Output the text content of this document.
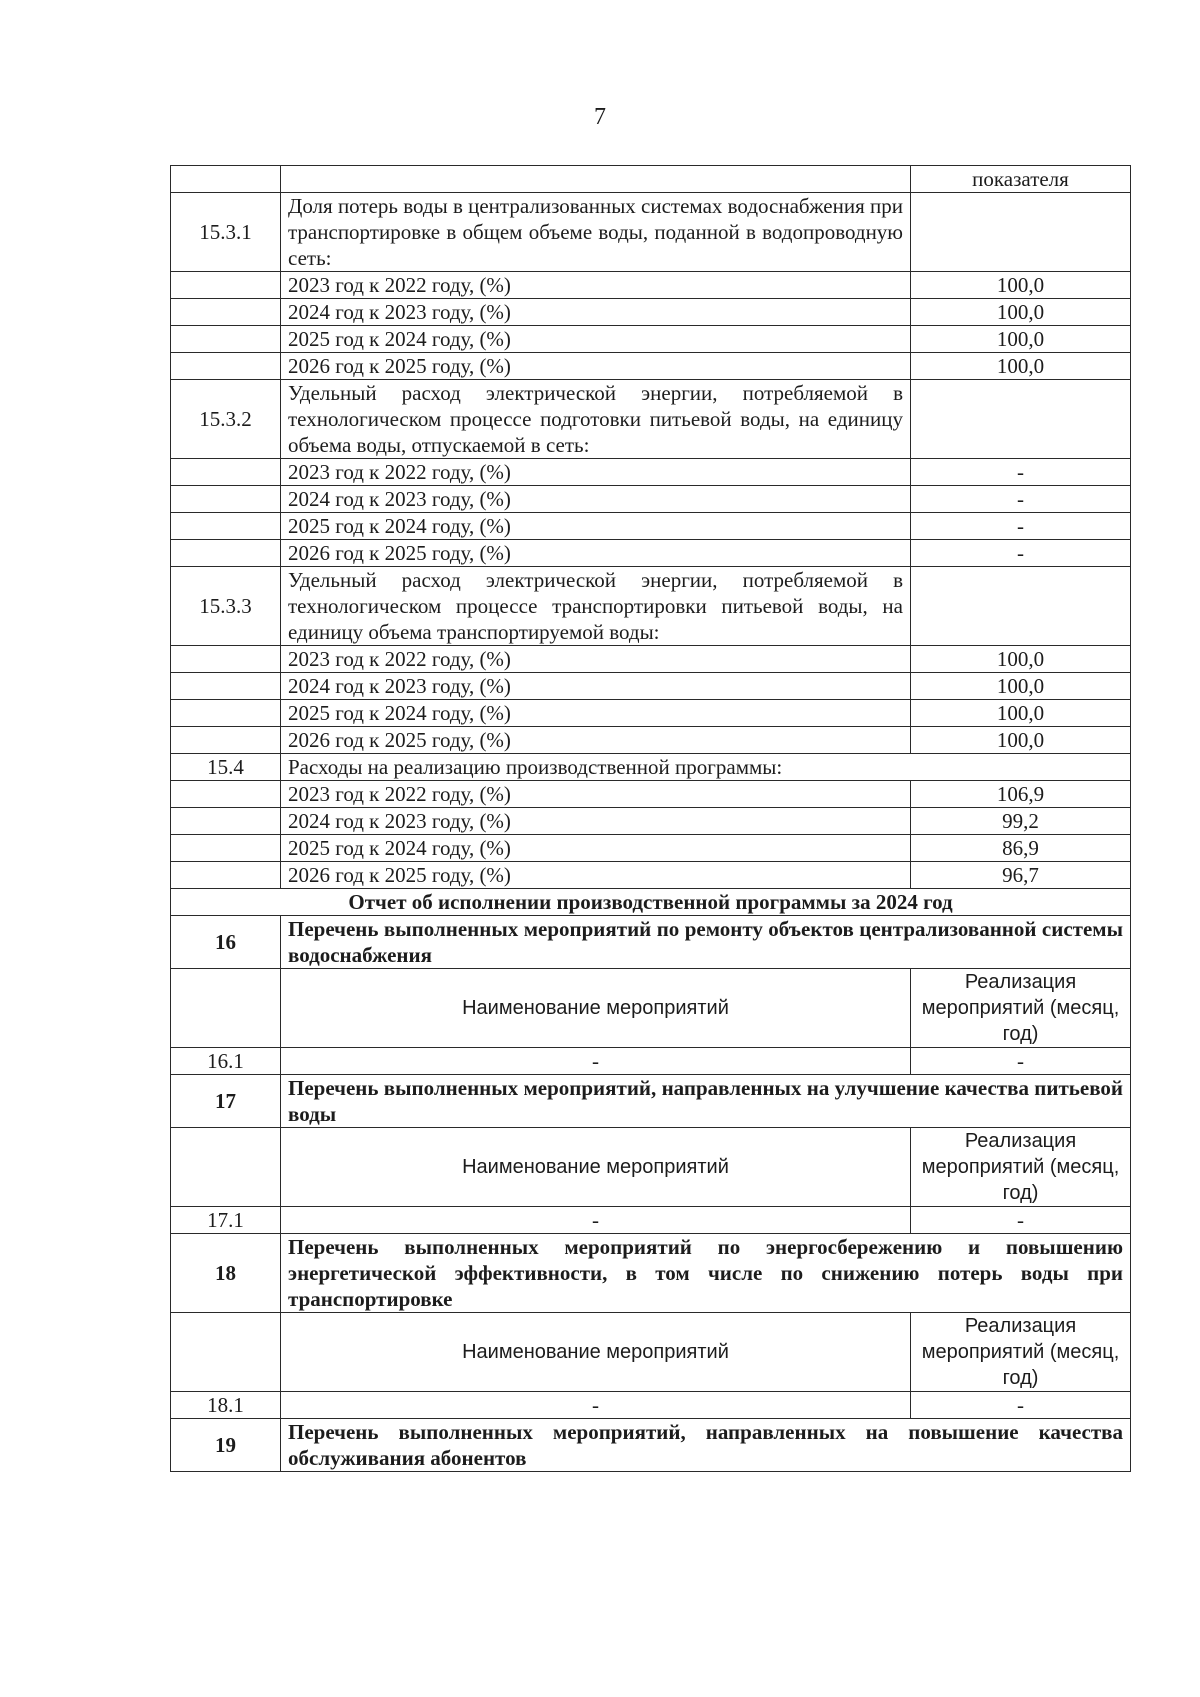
7
		показателя
15.3.1	Доля потерь воды в централизованных системах водоснабжения при транспортировке в общем объеме воды, поданной в водопроводную сеть:	
	2023 год к 2022 году, (%)	100,0
	2024 год к 2023 году, (%)	100,0
	2025 год к 2024 году, (%)	100,0
	2026 год к 2025 году, (%)	100,0
15.3.2	Удельный расход электрической энергии, потребляемой в технологическом процессе подготовки питьевой воды, на единицу объема воды, отпускаемой в сеть:	
	2023 год к 2022 году, (%)	-
	2024 год к 2023 году, (%)	-
	2025 год к 2024 году, (%)	-
	2026 год к 2025 году, (%)	-
15.3.3	Удельный расход электрической энергии, потребляемой в технологическом процессе транспортировки питьевой воды, на единицу объема транспортируемой воды:	
	2023 год к 2022 году, (%)	100,0
	2024 год к 2023 году, (%)	100,0
	2025 год к 2024 году, (%)	100,0
	2026 год к 2025 году, (%)	100,0
15.4	Расходы на реализацию производственной программы:	
	2023 год к 2022 году, (%)	106,9
	2024 год к 2023 году, (%)	99,2
	2025 год к 2024 году, (%)	86,9
	2026 год к 2025 году, (%)	96,7
Отчет об исполнении производственной программы за 2024 год		
16	Перечень выполненных мероприятий по ремонту объектов централизованной системы водоснабжения	
	Наименование мероприятий	Реализация мероприятий (месяц, год)
16.1	-	-
17	Перечень выполненных мероприятий, направленных на улучшение качества питьевой воды	
	Наименование мероприятий	Реализация мероприятий (месяц, год)
17.1	-	-
18	Перечень выполненных мероприятий по энергосбережению и повышению энергетической эффективности, в том числе по снижению потерь воды при транспортировке	
	Наименование мероприятий	Реализация мероприятий (месяц, год)
18.1	-	-
19	Перечень выполненных мероприятий, направленных на повышение качества обслуживания абонентов	
